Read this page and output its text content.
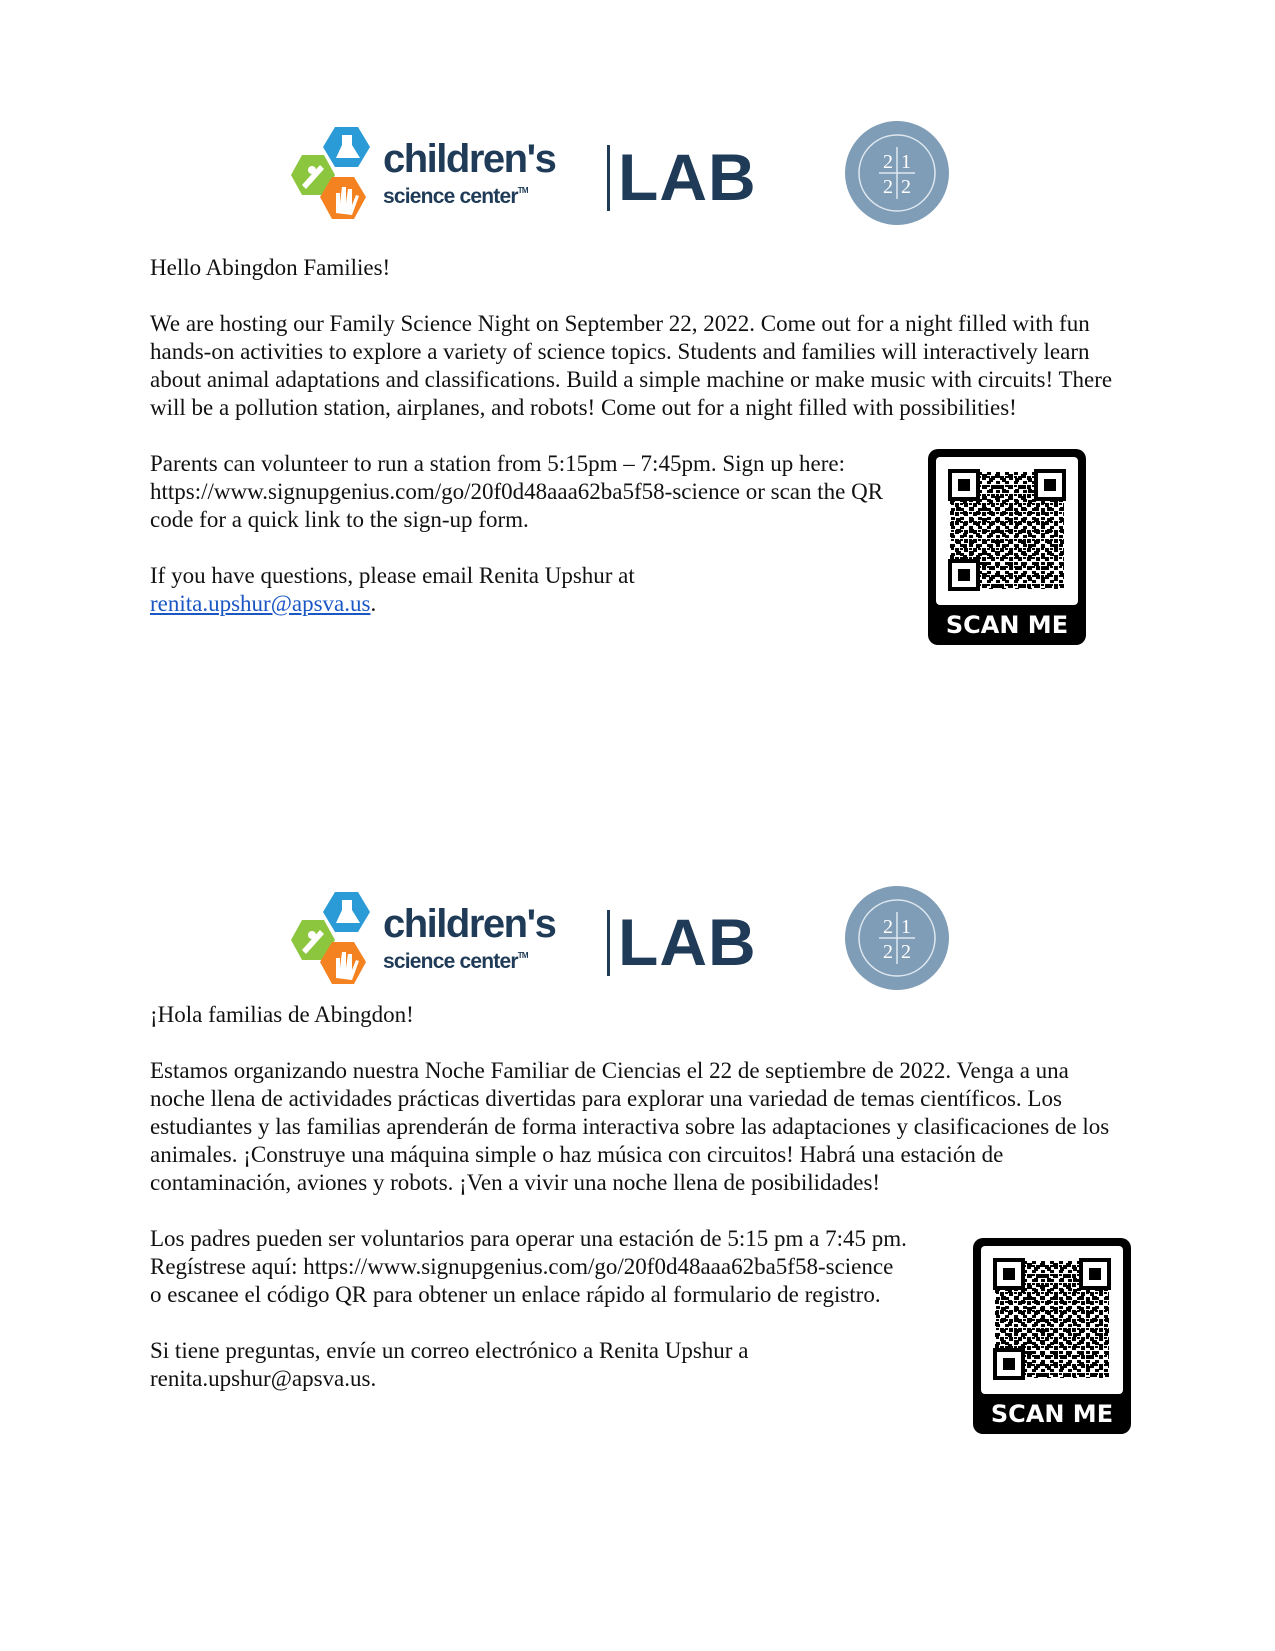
children's
science center™	LAB	2 1
2 2

Hello Abingdon Families!

We are hosting our Family Science Night on September 22, 2022. Come out for a night filled with fun hands-on activities to explore a variety of science topics. Students and families will interactively learn about animal adaptations and classifications. Build a simple machine or make music with circuits! There will be a pollution station, airplanes, and robots! Come out for a night filled with possibilities!

Parents can volunteer to run a station from 5:15pm – 7:45pm. Sign up here: https://www.signupgenius.com/go/20f0d48aaa62ba5f58-science or scan the QR code for a quick link to the sign-up form.

If you have questions, please email Renita Upshur at
renita.upshur@apsva.us.

SCAN ME
children's
science center™	LAB	2 1
2 2

¡Hola familias de Abingdon!

Estamos organizando nuestra Noche Familiar de Ciencias el 22 de septiembre de 2022. Venga a una noche llena de actividades prácticas divertidas para explorar una variedad de temas científicos. Los estudiantes y las familias aprenderán de forma interactiva sobre las adaptaciones y clasificaciones de los animales. ¡Construye una máquina simple o haz música con circuitos! Habrá una estación de contaminación, aviones y robots. ¡Ven a vivir una noche llena de posibilidades!

Los padres pueden ser voluntarios para operar una estación de 5:15 pm a 7:45 pm. Regístrese aquí: https://www.signupgenius.com/go/20f0d48aaa62ba5f58-science o escanee el código QR para obtener un enlace rápido al formulario de registro.

Si tiene preguntas, envíe un correo electrónico a Renita Upshur a renita.upshur@apsva.us.

SCAN ME
